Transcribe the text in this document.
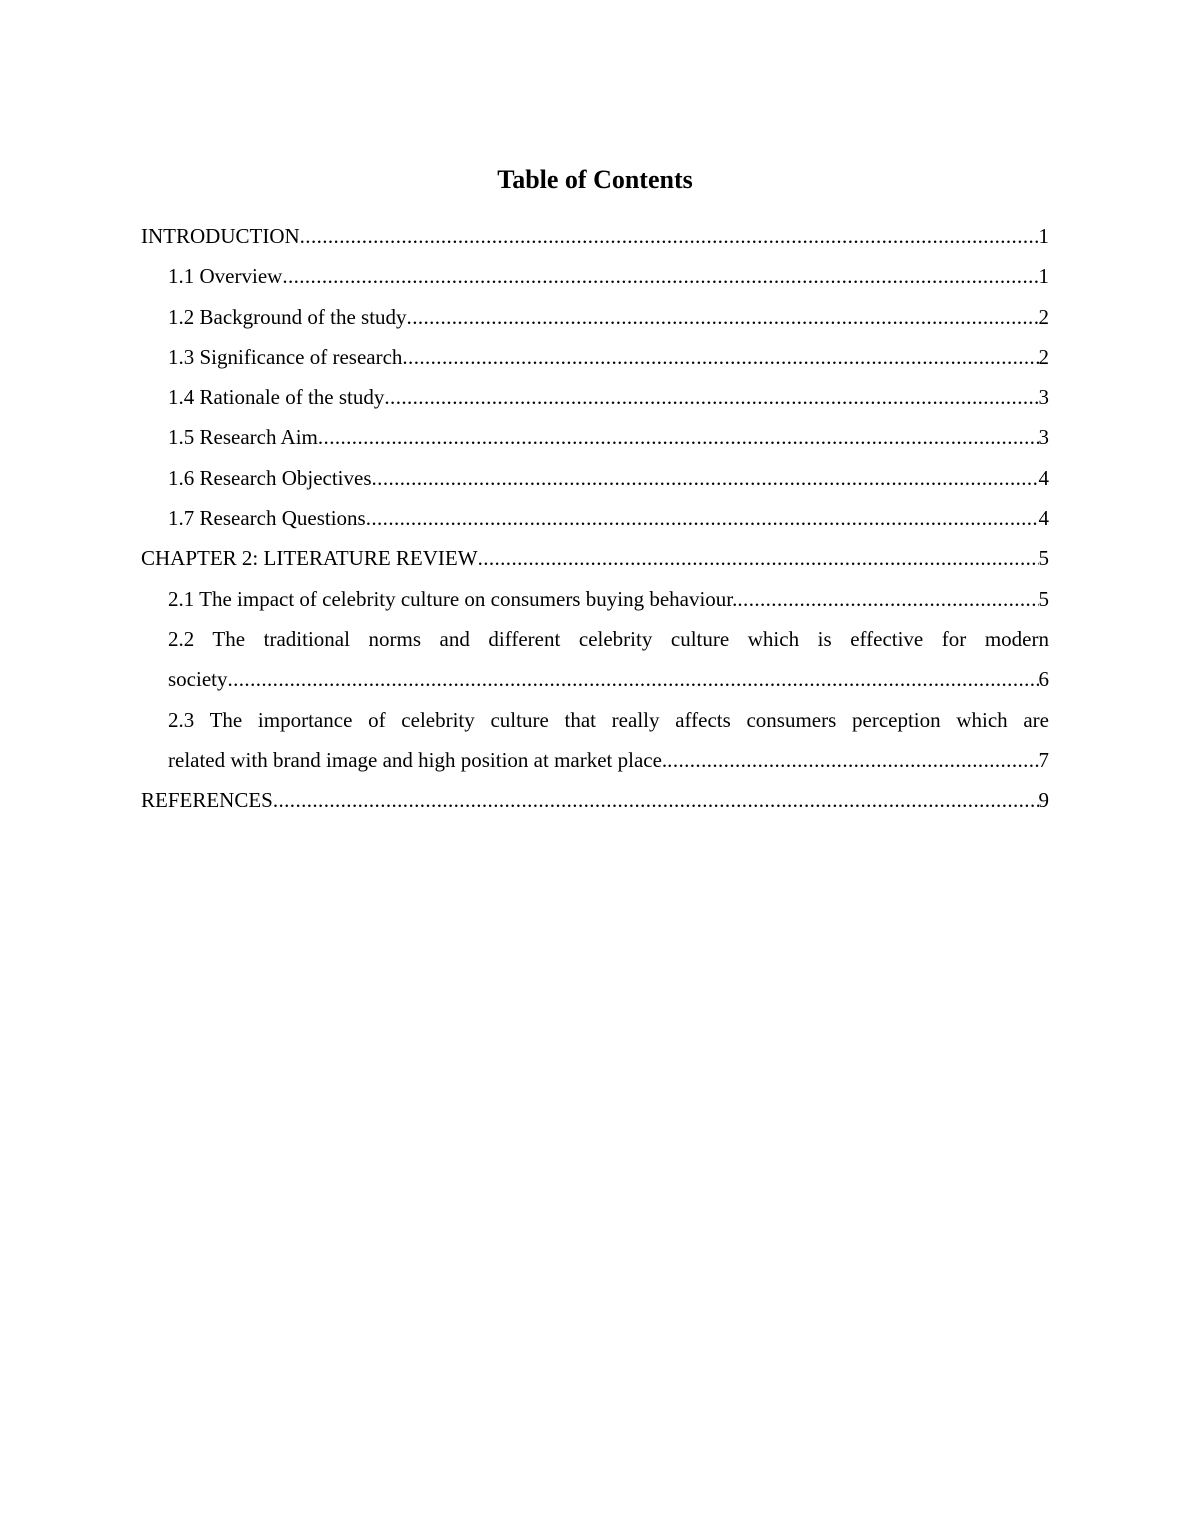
Table of Contents
INTRODUCTION .....	1
1.1 Overview .....	1
1.2 Background of the study .....	2
1.3 Significance of research .....	2
1.4 Rationale of the study .....	3
1.5 Research Aim .....	3
1.6 Research Objectives .....	4
1.7 Research Questions .....	4
CHAPTER 2: LITERATURE REVIEW .....	5
2.1 The impact of celebrity culture on consumers buying behaviour. .....	5
2.2 The traditional norms and different celebrity culture which is effective for modern
society .....	6
2.3 The importance of celebrity culture that really affects consumers perception which are
related with brand image and high position at market place. .....	7
REFERENCES .....	9
